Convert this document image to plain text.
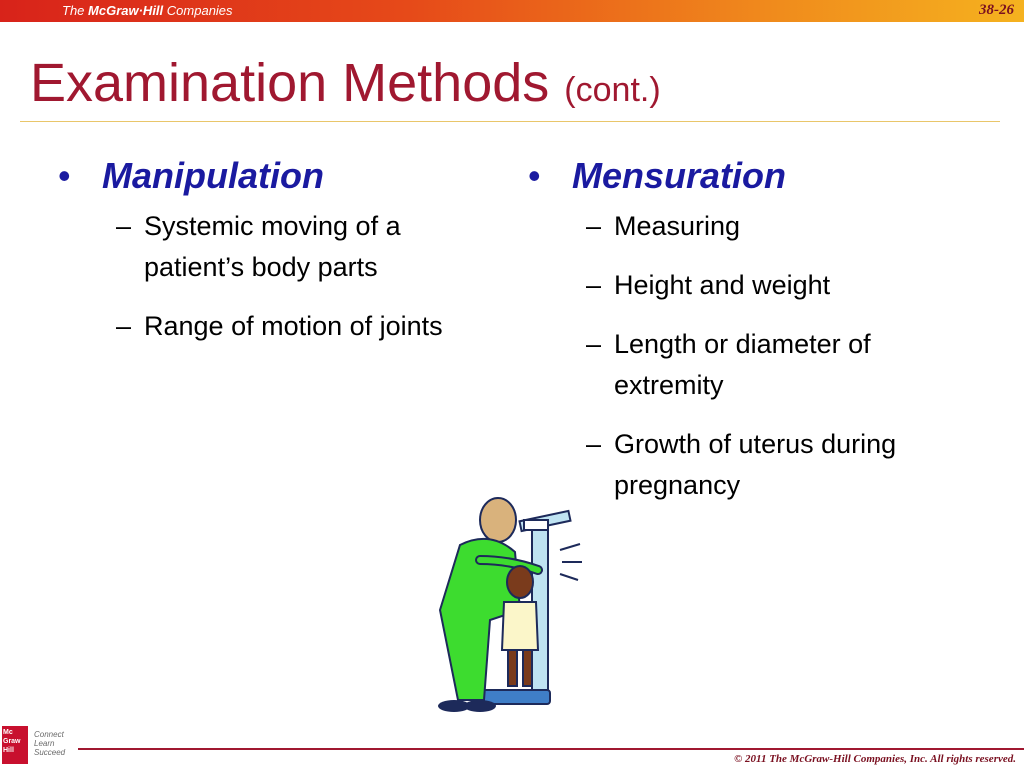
The McGraw·Hill Companies	38-26
Examination Methods (cont.)
• Manipulation
– Systemic moving of a patient’s body parts
– Range of motion of joints
• Mensuration
– Measuring
– Height and weight
– Length or diameter of extremity
– Growth of uterus during pregnancy
Mc
Graw
Hill
Connect
Learn
Succeed
© 2011 The McGraw-Hill Companies, Inc. All rights reserved.
